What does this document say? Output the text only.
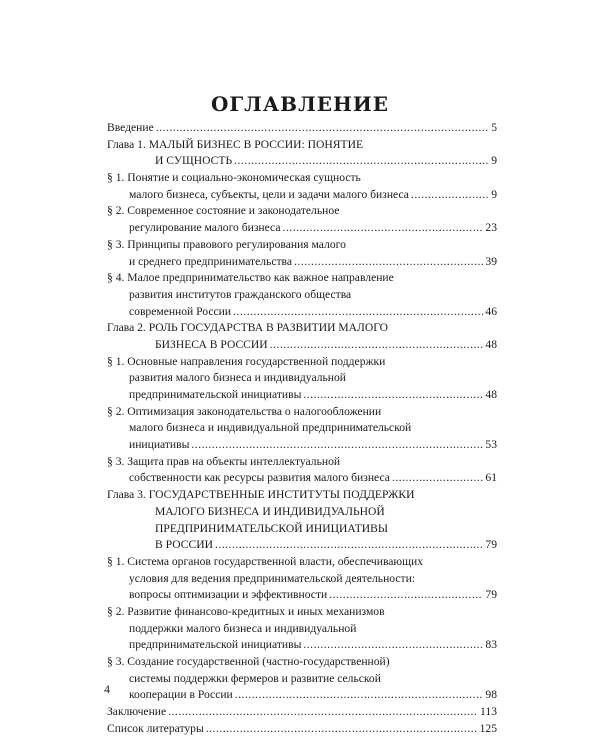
ОГЛАВЛЕНИЕ
Введение . . .	5
Глава 1. МАЛЫЙ БИЗНЕС В РОССИИ: ПОНЯТИЕ
И СУЩНОСТЬ . . .	9
§ 1. Понятие и социально-экономическая сущность
малого бизнеса, субъекты, цели и задачи малого бизнеса . . .	9
§ 2. Современное состояние и законодательное
регулирование малого бизнеса . . .	23
§ 3. Принципы правового регулирования малого
и среднего предпринимательства . . .	39
§ 4. Малое предпринимательство как важное направление
развития институтов гражданского общества
современной России . . .	46
Глава 2. РОЛЬ ГОСУДАРСТВА В РАЗВИТИИ МАЛОГО
БИЗНЕСА В РОССИИ . . .	48
§ 1. Основные направления государственной поддержки
развития малого бизнеса и индивидуальной
предпринимательской инициативы . . .	48
§ 2. Оптимизация законодательства о налогообложении
малого бизнеса и индивидуальной предпринимательской
инициативы . . .	53
§ 3. Защита прав на объекты интеллектуальной
собственности как ресурсы развития малого бизнеса . . .	61
Глава 3. ГОСУДАРСТВЕННЫЕ ИНСТИТУТЫ ПОДДЕРЖКИ
МАЛОГО БИЗНЕСА И ИНДИВИДУАЛЬНОЙ
ПРЕДПРИНИМАТЕЛЬСКОЙ ИНИЦИАТИВЫ
В РОССИИ . . .	79
§ 1. Система органов государственной власти, обеспечивающих
условия для ведения предпринимательской деятельности:
вопросы оптимизации и эффективности . . .	79
§ 2. Развитие финансово-кредитных и иных механизмов
поддержки малого бизнеса и индивидуальной
предпринимательской инициативы . . .	83
§ 3. Создание государственной (частно-государственной)
системы поддержки фермеров и развитие сельской
кооперации в России . . .	98
Заключение . . .	113
Список литературы . . .	125
4
